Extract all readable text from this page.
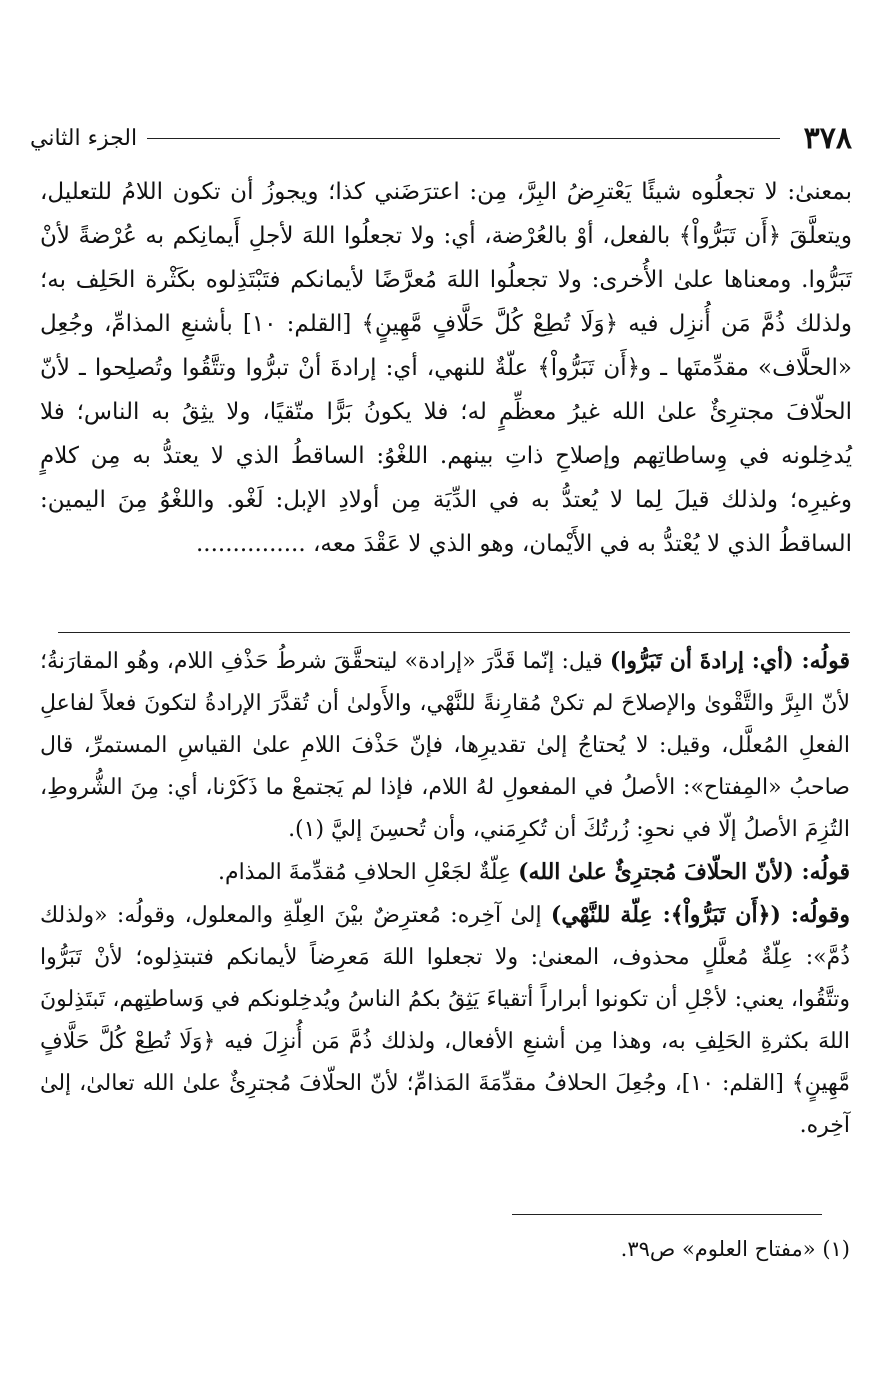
٣٧٨
الجزء الثاني

بمعنىٰ: لا تجعلُوه شيئًا يَعْترِضُ البِرَّ، مِن: اعترَضَني كذا؛ ويجوزُ أن تكون اللامُ للتعليل، ويتعلَّقَ ﴿أَن تَبَرُّواْ﴾ بالفعل، أوْ بالعُرْضة، أي: ولا تجعلُوا اللهَ لأجلِ أَيمانِكم به عُرْضةً لأنْ تَبَرُّوا. ومعناها علىٰ الأُخرى: ولا تجعلُوا اللهَ مُعرَّضًا لأيمانكم فتَبْتَذِلوه بكَثْرة الحَلِف به؛ ولذلك ذُمَّ مَن أُنزِل فيه ﴿وَلَا تُطِعْ كُلَّ حَلَّافٍ مَّهِينٍ﴾ [القلم: ١٠] بأشنعِ المذامِّ، وجُعِل «الحلَّاف» مقدِّمتَها ـ و﴿أَن تَبَرُّواْ﴾ علّةٌ للنهي، أي: إرادةَ أنْ تبرُّوا وتتَّقُوا وتُصلِحوا ـ لأنّ الحلّافَ مجترِئٌ علىٰ الله غيرُ معظِّمٍ له؛ فلا يكونُ بَرًّا متّقيًا، ولا يثِقُ به الناس؛ فلا يُدخِلونه في وِساطاتِهم وإصلاحِ ذاتِ بينهم. اللغْوُ: الساقطُ الذي لا يعتدُّ به مِن كلامٍ وغيرِه؛ ولذلك قيلَ لِما لا يُعتدُّ به في الدِّيَة مِن أولادِ الإبل: لَغْو. واللغْوُ مِنَ اليمين: الساقطُ الذي لا يُعْتدُّ به في الأَيْمان، وهو الذي لا عَقْدَ معه، ...............

قولُه: (أي: إرادةَ أن تَبَرُّوا) قيل: إنّما قَدَّرَ «إرادة» ليتحقَّقَ شرطُ حَذْفِ اللام، وهُو المقارَنةُ؛ لأنّ البِرَّ والتَّقْوىٰ والإصلاحَ لم تكنْ مُقارِنةً للنَّهْي، والأَولىٰ أن تُقدَّرَ الإرادةُ لتكونَ فعلاً لفاعلِ الفعلِ المُعلَّل، وقيل: لا يُحتاجُ إلىٰ تقديرِها، فإنّ حَذْفَ اللامِ علىٰ القياسِ المستمرِّ، قال صاحبُ «المِفتاح»: الأصلُ في المفعولِ لهُ اللام، فإذا لم يَجتمعْ ما ذَكَرْنا، أي: مِنَ الشُّروطِ، التُزِمَ الأصلُ إلّا في نحوِ: زُرتُكَ أن تُكرِمَني، وأن تُحسِنَ إليَّ (١).

قولُه: (لأنّ الحلّافَ مُجترِئٌ علىٰ الله) عِلّةٌ لجَعْلِ الحلافِ مُقدِّمةَ المذام.

وقولُه: (﴿أَن تَبَرُّواْ﴾: عِلّة للنَّهْي) إلىٰ آخِره: مُعترِضٌ بيْنَ العِلّةِ والمعلول، وقولُه: «ولذلك ذُمَّ»: عِلّةٌ مُعلَّلٍ محذوف، المعنىٰ: ولا تجعلوا اللهَ مَعرِضاً لأيمانكم فتبتذِلوه؛ لأنْ تَبَرُّوا وتتَّقُوا، يعني: لأجْلِ أن تكونوا أبراراً أتقياءَ يَثِقُ بكمُ الناسُ ويُدخِلونكم في وَساطتِهم، تَبتَذِلونَ اللهَ بكثرةِ الحَلِفِ به، وهذا مِن أشنعِ الأفعال، ولذلك ذُمَّ مَن أُنزِلَ فيه ﴿وَلَا تُطِعْ كُلَّ حَلَّافٍ مَّهِينٍ﴾ [القلم: ١٠]، وجُعِلَ الحلافُ مقدِّمَةَ المَذامِّ؛ لأنّ الحلّافَ مُجترِئٌ علىٰ الله تعالىٰ، إلىٰ آخِره.

(١) «مفتاح العلوم» ص٣٩.
